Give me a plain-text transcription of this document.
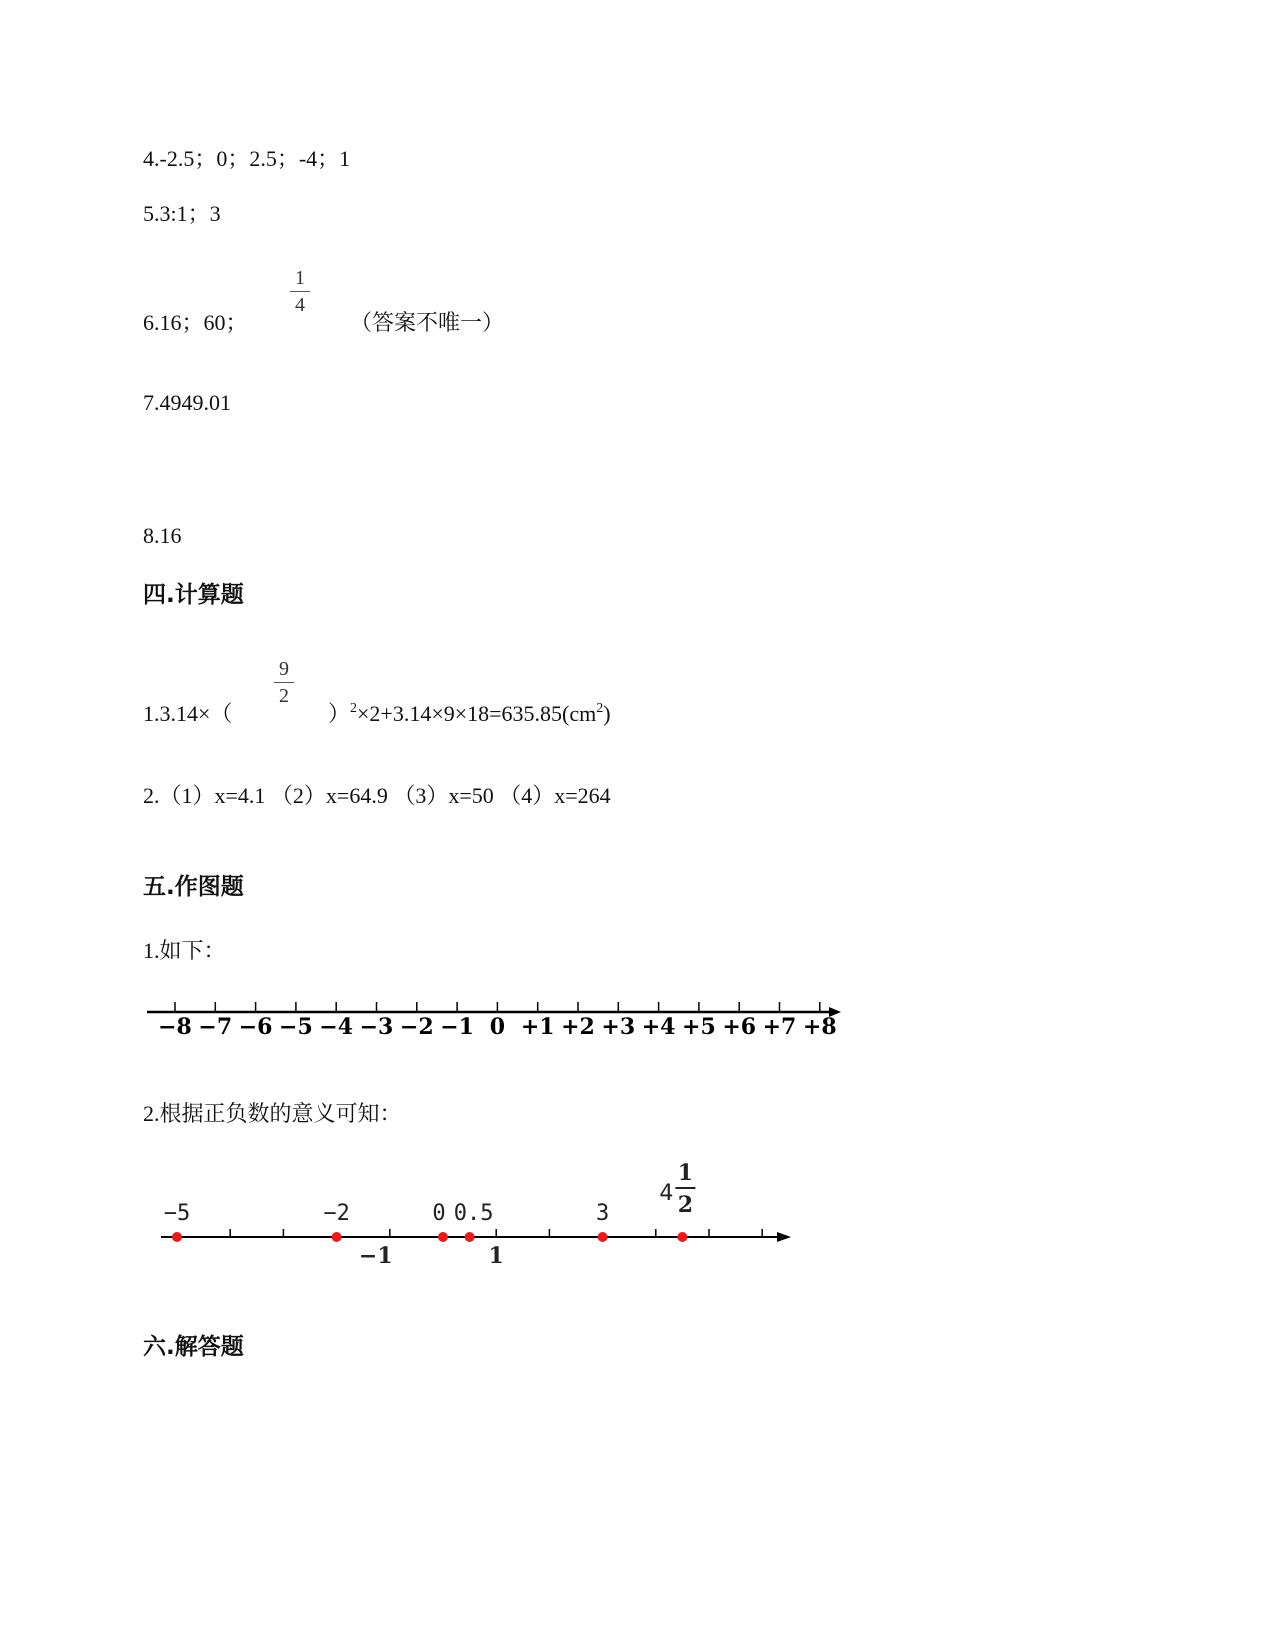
4.-2.5；0；2.5；-4；1
5.3:1；3
6.16；60；
1
4
（答案不唯一）
7.4949.01
8.16
四.计算题
1.3.14×（
9
2
）$^2\times 2+3.14\times 9\times 18=635.85(cm^2)$
2.（1）x=4.1 （2）x=64.9 （3）x=50 （4）x=264
五.作图题
1.如下：
−8 −7 −6 −5 −4 −3 −2 −1 0 +1 +2 +3 +4 +5 +6 +7 +8
2.根据正负数的意义可知：
−5	−2	0 0.5	3
4
1
2
−1	1
六.解答题
